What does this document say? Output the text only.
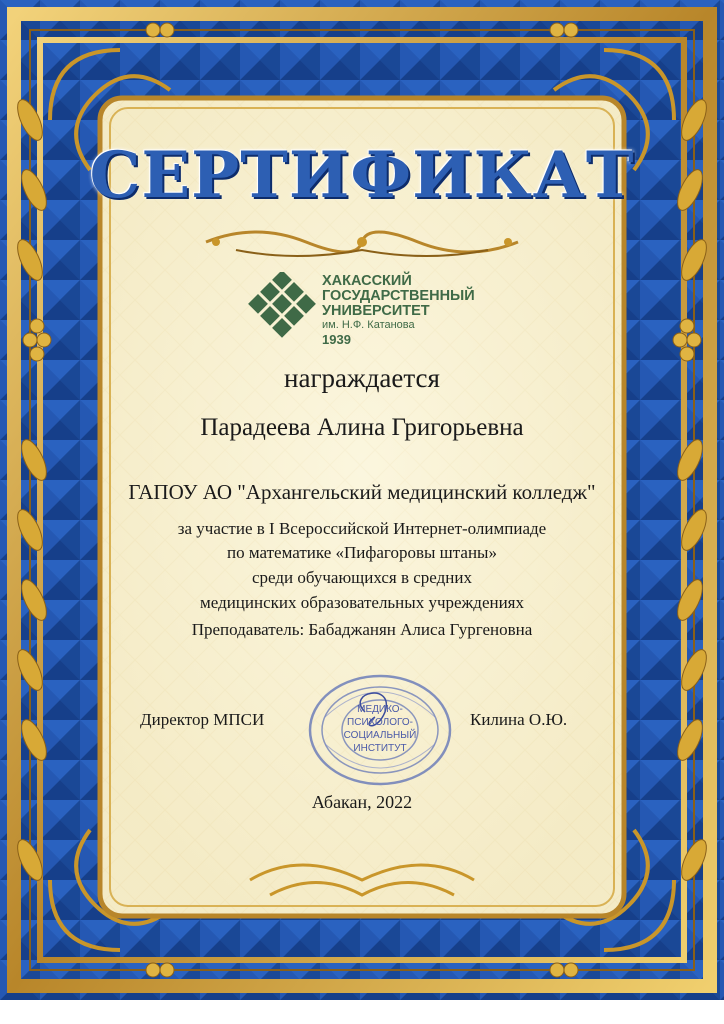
СЕРТИФИКАТ
ХАКАССКИЙ
ГОСУДАРСТВЕННЫЙ
УНИВЕРСИТЕТ
им. Н.Ф. Катанова
1939
награждается
Парадеева Алина Григорьевна
ГАПОУ АО "Архангельский медицинский колледж"
за участие в I Всероссийской Интернет-олимпиаде
по математике «Пифагоровы штаны»
среди обучающихся в средних
медицинских образовательных учреждениях
Преподаватель: Бабаджанян Алиса Гургеновна
Директор МПСИ
МЕДИКО-
ПСИХОЛОГО-
СОЦИАЛЬНЫЙ
ИНСТИТУТ
Килина О.Ю.
Абакан, 2022
